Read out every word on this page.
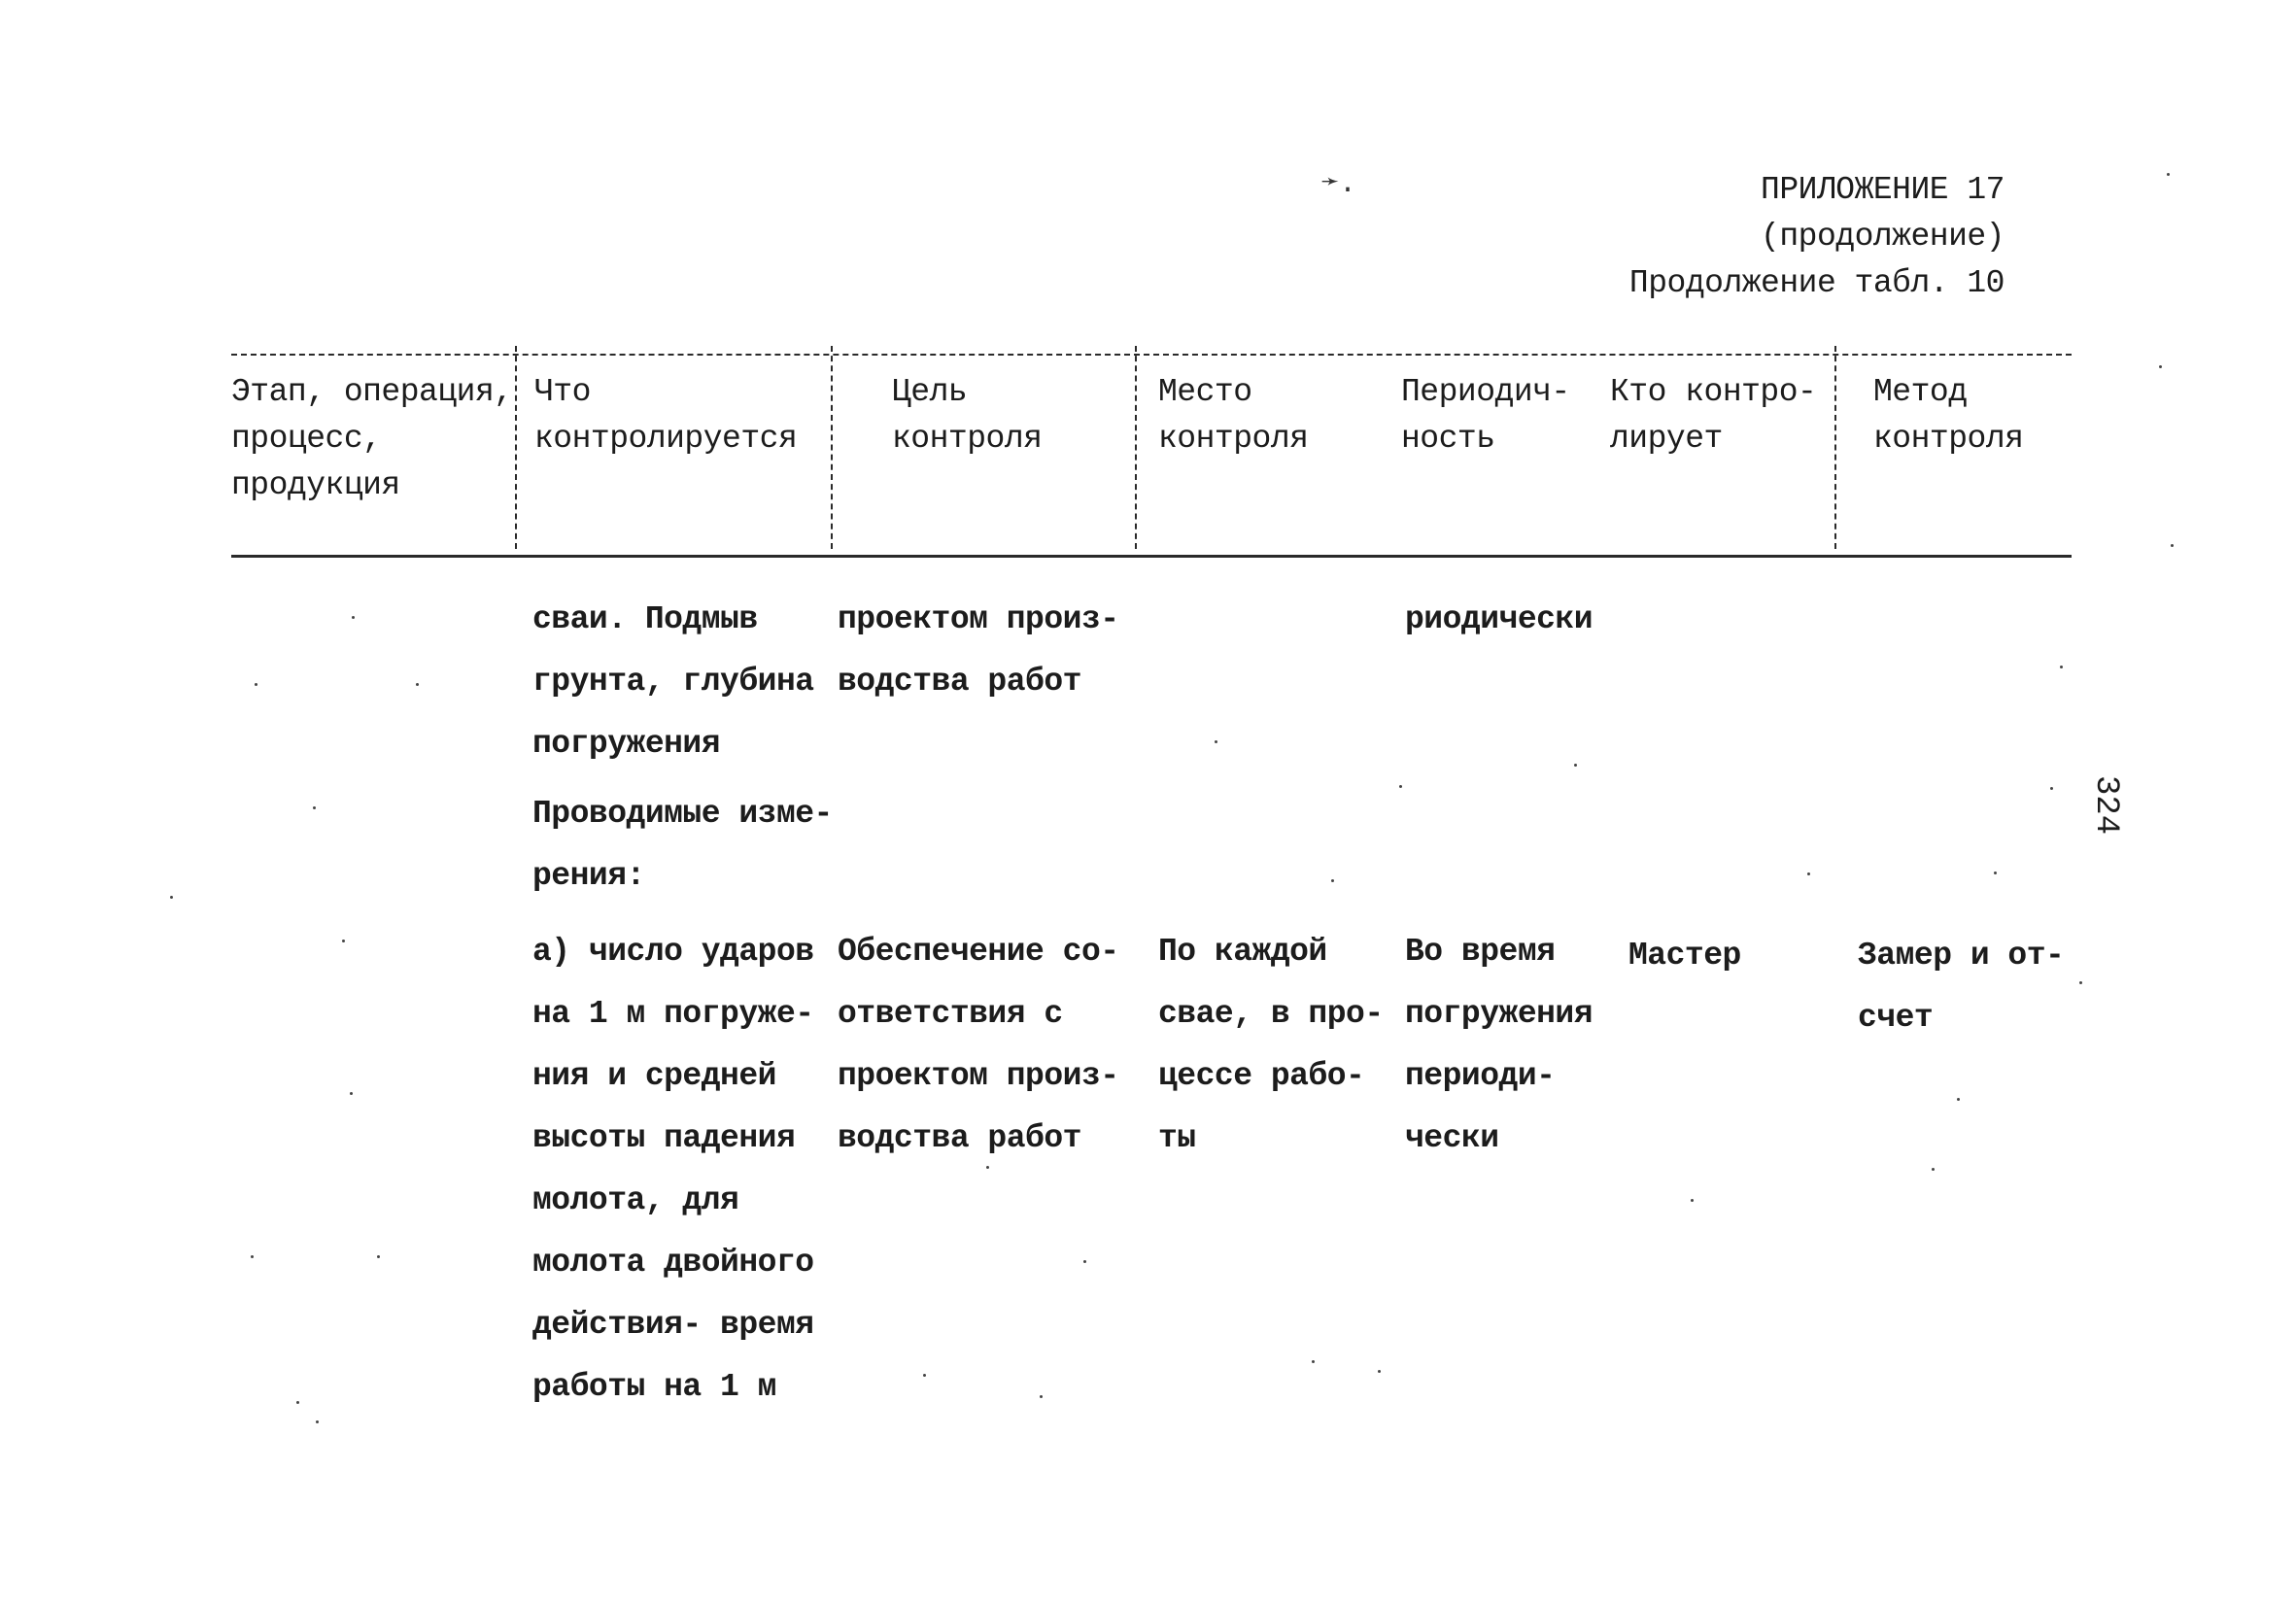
➛.	ПРИЛОЖЕНИЕ 17
(продолжение)
Продолжение табл. 10
Этап, операция,
процесс,
продукция
Что
контролируется
Цель
контроля
Место
контроля
Периодич-
ность
Кто контро-
лирует
Метод
контроля
сваи. Подмыв
грунта, глубина
погружения
проектом произ-
водства работ
риодически
Проводимые изме-
рения:
а) число ударов
на 1 м погруже-
ния и средней
высоты падения
молота, для
молота двойного
действия- время
работы на 1 м
Обеспечение со-
ответствия с
проектом произ-
водства работ
По каждой
свае, в про-
цессе рабо-
ты
Во время
погружения
периоди-
чески
Мастер	Замер и от-
счет
324
